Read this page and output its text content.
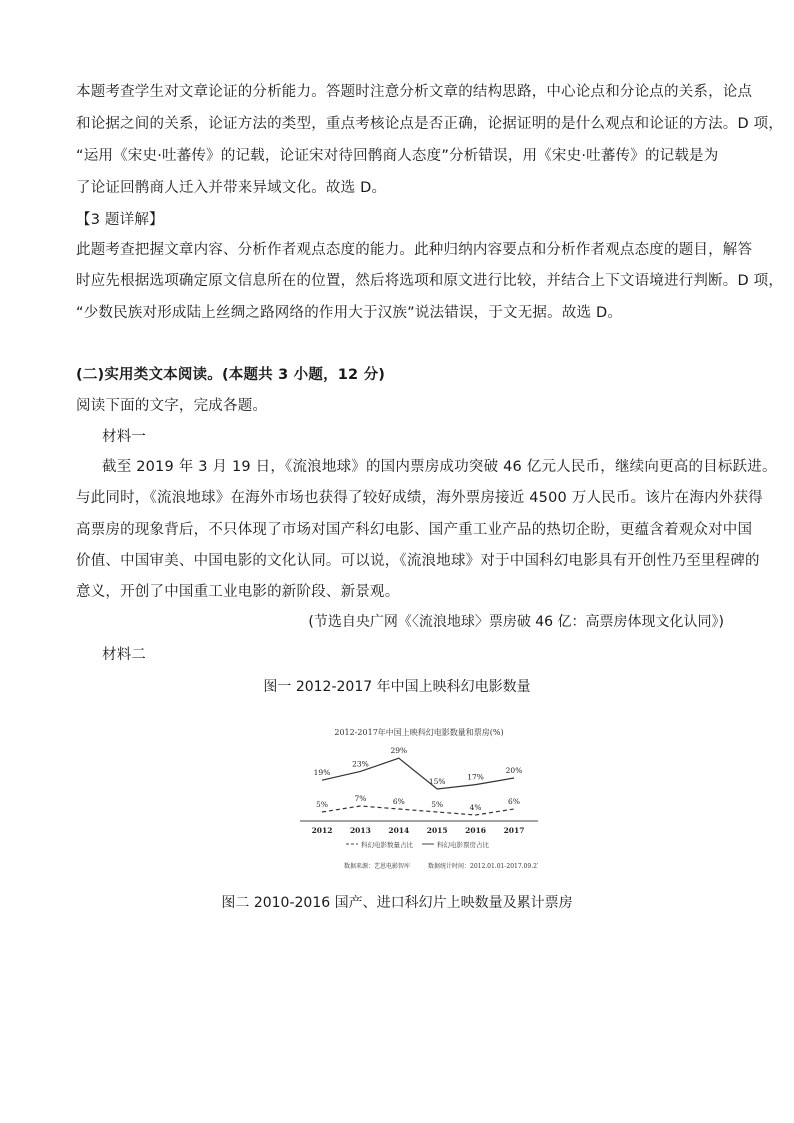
本题考查学生对文章论证的分析能力。答题时注意分析文章的结构思路，中心论点和分论点的关系，论点
和论据之间的关系，论证方法的类型，重点考核论点是否正确，论据证明的是什么观点和论证的方法。D 项，
“运用《宋史·吐蕃传》的记载，论证宋对待回鹘商人态度”分析错误，用《宋史·吐蕃传》的记载是为
了论证回鹘商人迁入并带来异域文化。故选 D。
【3 题详解】
此题考查把握文章内容、分析作者观点态度的能力。此种归纳内容要点和分析作者观点态度的题目，解答
时应先根据选项确定原文信息所在的位置，然后将选项和原文进行比较，并结合上下文语境进行判断。D 项，
“少数民族对形成陆上丝绸之路网络的作用大于汉族”说法错误，于文无据。故选 D。
(二)实用类文本阅读。(本题共 3 小题，12 分)
阅读下面的文字，完成各题。
材料一
截至 2019 年 3 月 19 日，《流浪地球》的国内票房成功突破 46 亿元人民币，继续向更高的目标跃进。
与此同时，《流浪地球》在海外市场也获得了较好成绩，海外票房接近 4500 万人民币。该片在海内外获得
高票房的现象背后，不只体现了市场对国产科幻电影、国产重工业产品的热切企盼，更蕴含着观众对中国
价值、中国审美、中国电影的文化认同。可以说，《流浪地球》对于中国科幻电影具有开创性乃至里程碑的
意义，开创了中国重工业电影的新阶段、新景观。
(节选自央广网《〈流浪地球〉票房破 46 亿：高票房体现文化认同》)
材料二
图一 2012-2017 年中国上映科幻电影数量
2012-2017年中国上映科幻电影数量和票房(%)
5%
7%	6%	5%	4%
6%
19%
23%
29%
15%	17%
20%
2012 2013 2014 2015 2016 2017
科幻电影数量占比	科幻电影票房占比
数据来源：艺恩电影智库	数据统计时间：2012.01.01-2017.09.27
图二 2010-2016 国产、进口科幻片上映数量及累计票房
